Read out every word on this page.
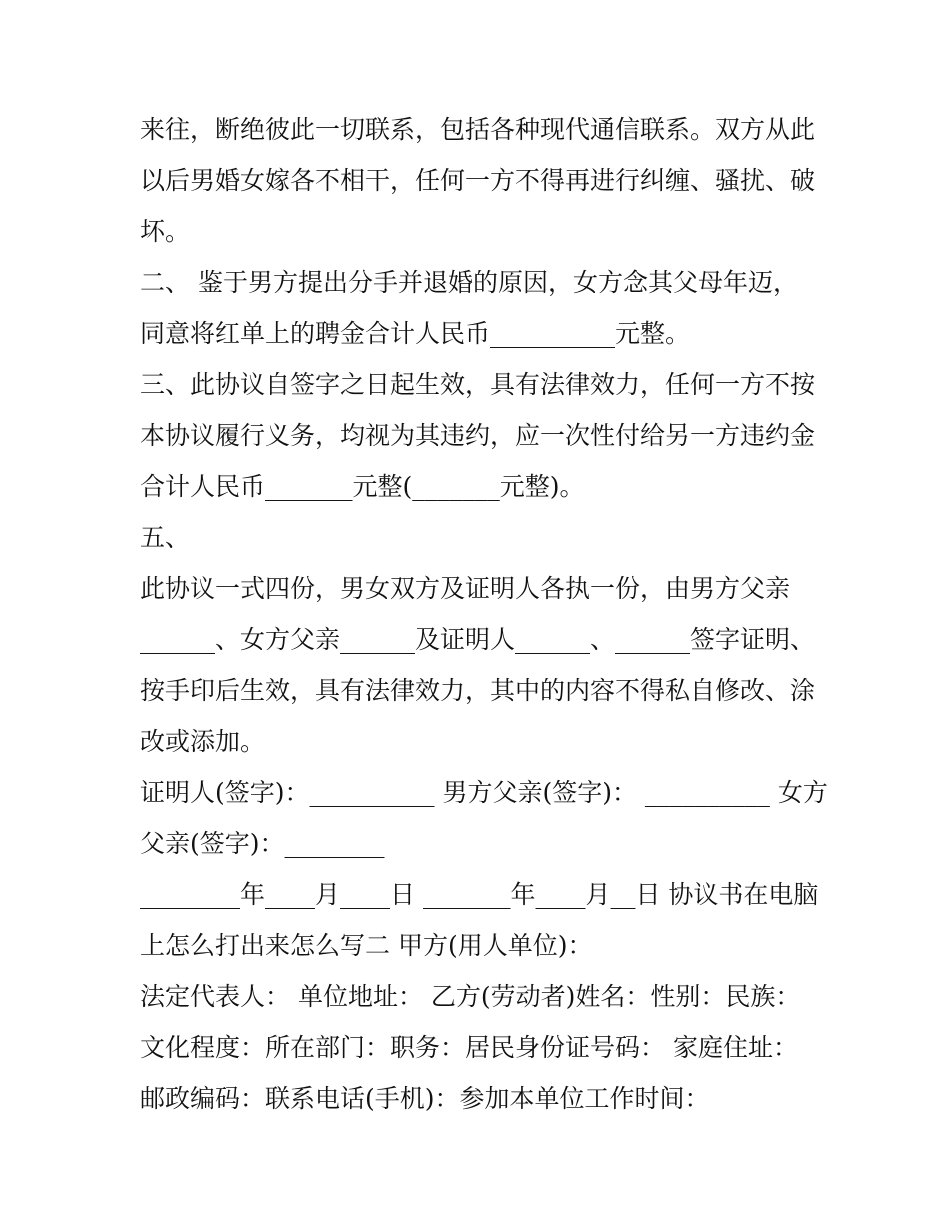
来往，断绝彼此一切联系，包括各种现代通信联系。双方从此
以后男婚女嫁各不相干，任何一方不得再进行纠缠、骚扰、破
坏。
二、 鉴于男方提出分手并退婚的原因，女方念其父母年迈，
同意将红单上的聘金合计人民币__________元整。
三、此协议自签字之日起生效，具有法律效力，任何一方不按
本协议履行义务，均视为其违约，应一次性付给另一方违约金
合计人民币_______元整(_______元整)。
五、
此协议一式四份，男女双方及证明人各执一份，由男方父亲
______、女方父亲______及证明人______、______签字证明、
按手印后生效，具有法律效力，其中的内容不得私自修改、涂
改或添加。
证明人(签字)：__________ 男方父亲(签字)： __________ 女方
父亲(签字)：________
________年____月____日 _______年____月__日 协议书在电脑
上怎么打出来怎么写二 甲方(用人单位)：
法定代表人： 单位地址： 乙方(劳动者)姓名：性别：民族：
文化程度：所在部门：职务：居民身份证号码： 家庭住址：
邮政编码：联系电话(手机)：参加本单位工作时间：
